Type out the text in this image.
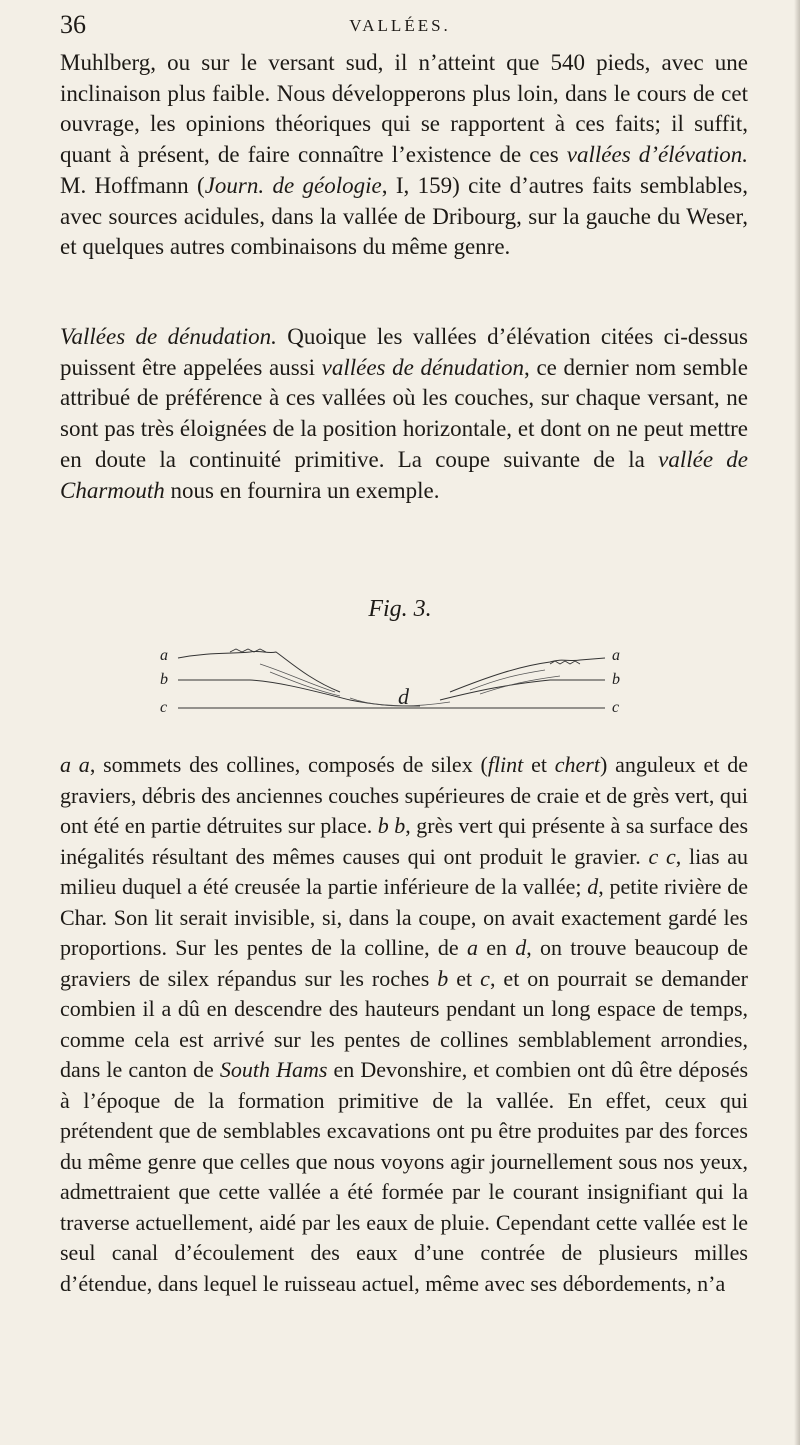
36	VALLÉES.

Muhlberg, ou sur le versant sud, il n’atteint que 540 pieds, avec une inclinaison plus faible. Nous développerons plus loin, dans le cours de cet ouvrage, les opinions théoriques qui se rapportent à ces faits; il suffit, quant à présent, de faire connaître l’existence de ces vallées d’élévation. M. Hoffmann (Journ. de géologie, I, 159) cite d’autres faits semblables, avec sources acidules, dans la vallée de Dribourg, sur la gauche du Weser, et quelques autres combinaisons du même genre.

Vallées de dénudation. Quoique les vallées d’élévation citées ci-dessus puissent être appelées aussi vallées de dénudation, ce dernier nom semble attribué de préférence à ces vallées où les couches, sur chaque versant, ne sont pas très éloignées de la position horizontale, et dont on ne peut mettre en doute la continuité primitive. La coupe suivante de la vallée de Charmouth nous en fournira un exemple.

Fig. 3.
a
b
c
a
b
c
d

a a, sommets des collines, composés de silex (flint et chert) anguleux et de graviers, débris des anciennes couches supérieures de craie et de grès vert, qui ont été en partie détruites sur place. b b, grès vert qui présente à sa surface des inégalités résultant des mêmes causes qui ont produit le gravier. c c, lias au milieu duquel a été creusée la partie inférieure de la vallée; d, petite rivière de Char. Son lit serait invisible, si, dans la coupe, on avait exactement gardé les proportions. Sur les pentes de la colline, de a en d, on trouve beaucoup de graviers de silex répandus sur les roches b et c, et on pourrait se demander combien il a dû en descendre des hauteurs pendant un long espace de temps, comme cela est arrivé sur les pentes de collines semblablement arrondies, dans le canton de South Hams en Devonshire, et combien ont dû être déposés à l’époque de la formation primitive de la vallée. En effet, ceux qui prétendent que de semblables excavations ont pu être produites par des forces du même genre que celles que nous voyons agir journellement sous nos yeux, admettraient que cette vallée a été formée par le courant insignifiant qui la traverse actuellement, aidé par les eaux de pluie. Cependant cette vallée est le seul canal d’écoulement des eaux d’une contrée de plusieurs milles d’étendue, dans lequel le ruisseau actuel, même avec ses débordements, n’a
